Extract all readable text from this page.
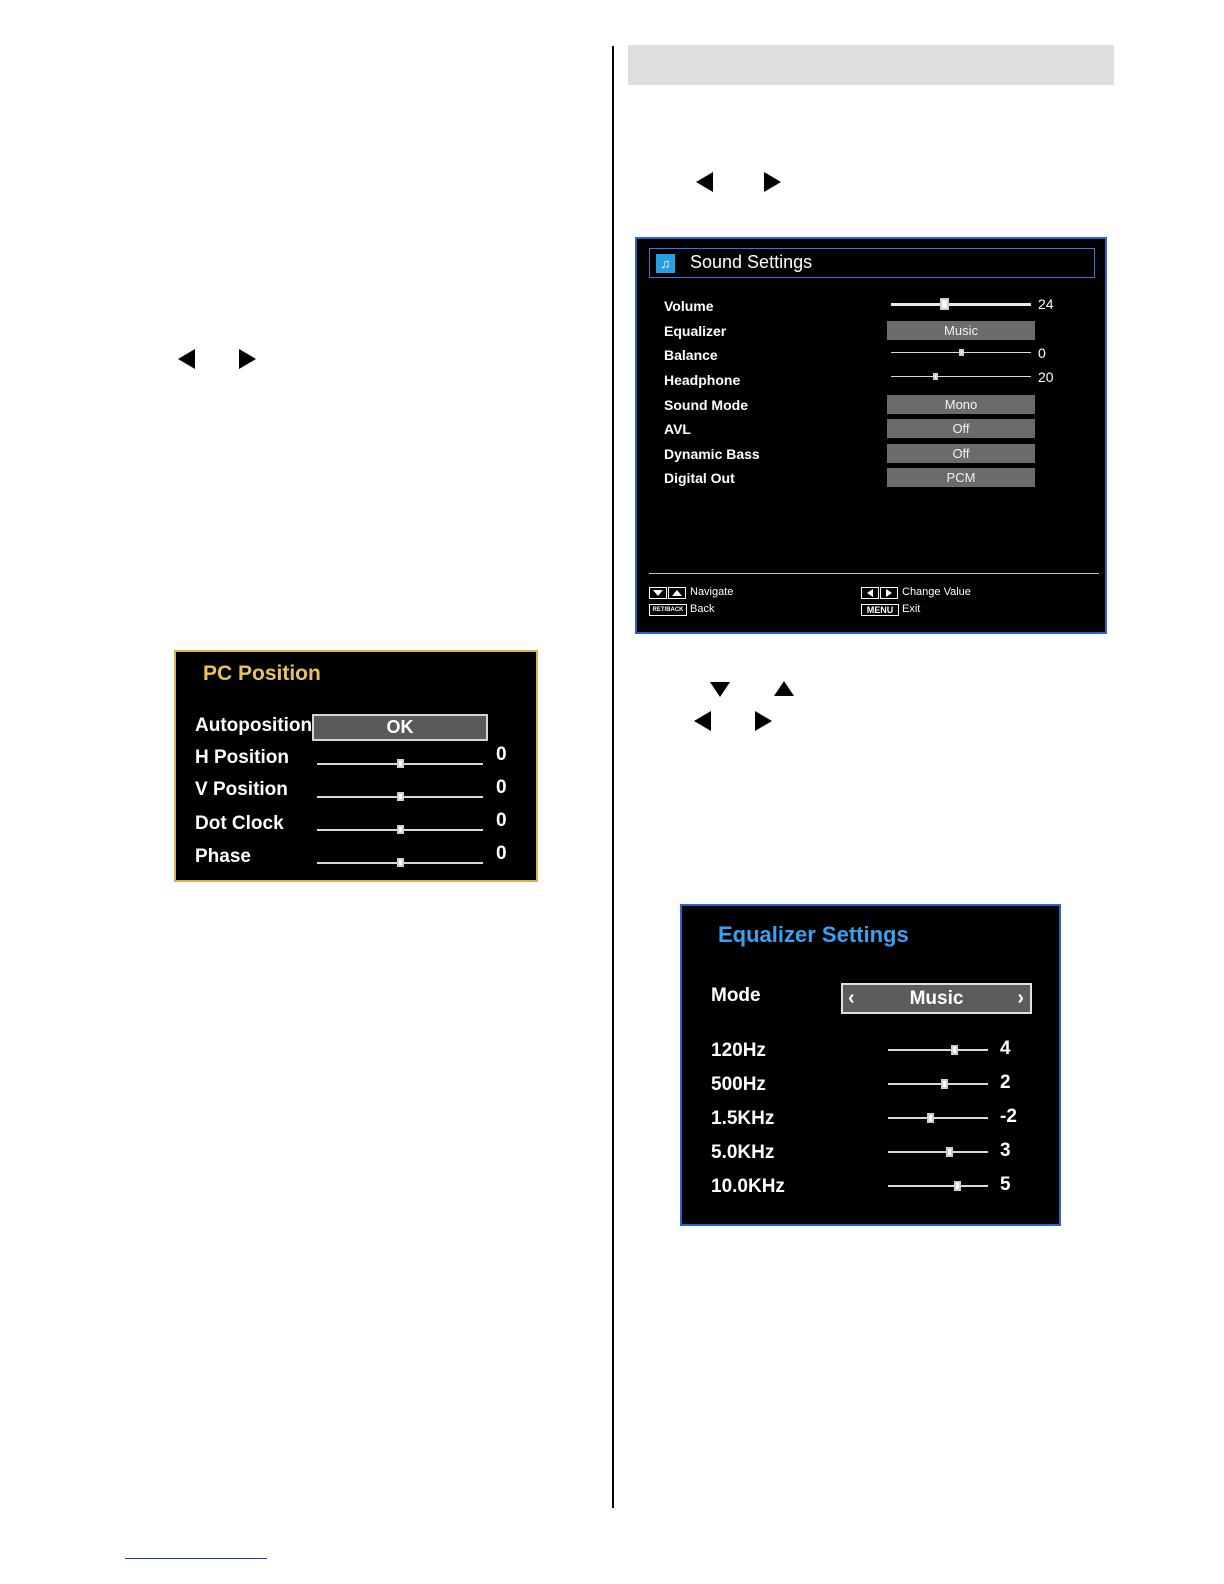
PC Position
Autoposition	OK
H Position	0
V Position	0
Dot Clock	0
Phase	0
♫ Sound Settings
Volume	24
Equalizer	Music
Balance	0
Headphone	20
Sound Mode	Mono
AVL	Off
Dynamic Bass	Off
Digital Out	PCM
Navigate
RET/BACK Back
Change Value
MENU Exit
Equalizer Settings
Mode	Music
‹	›
120Hz	4
500Hz	2
1.5KHz	-2
5.0KHz	3
10.0KHz	5
